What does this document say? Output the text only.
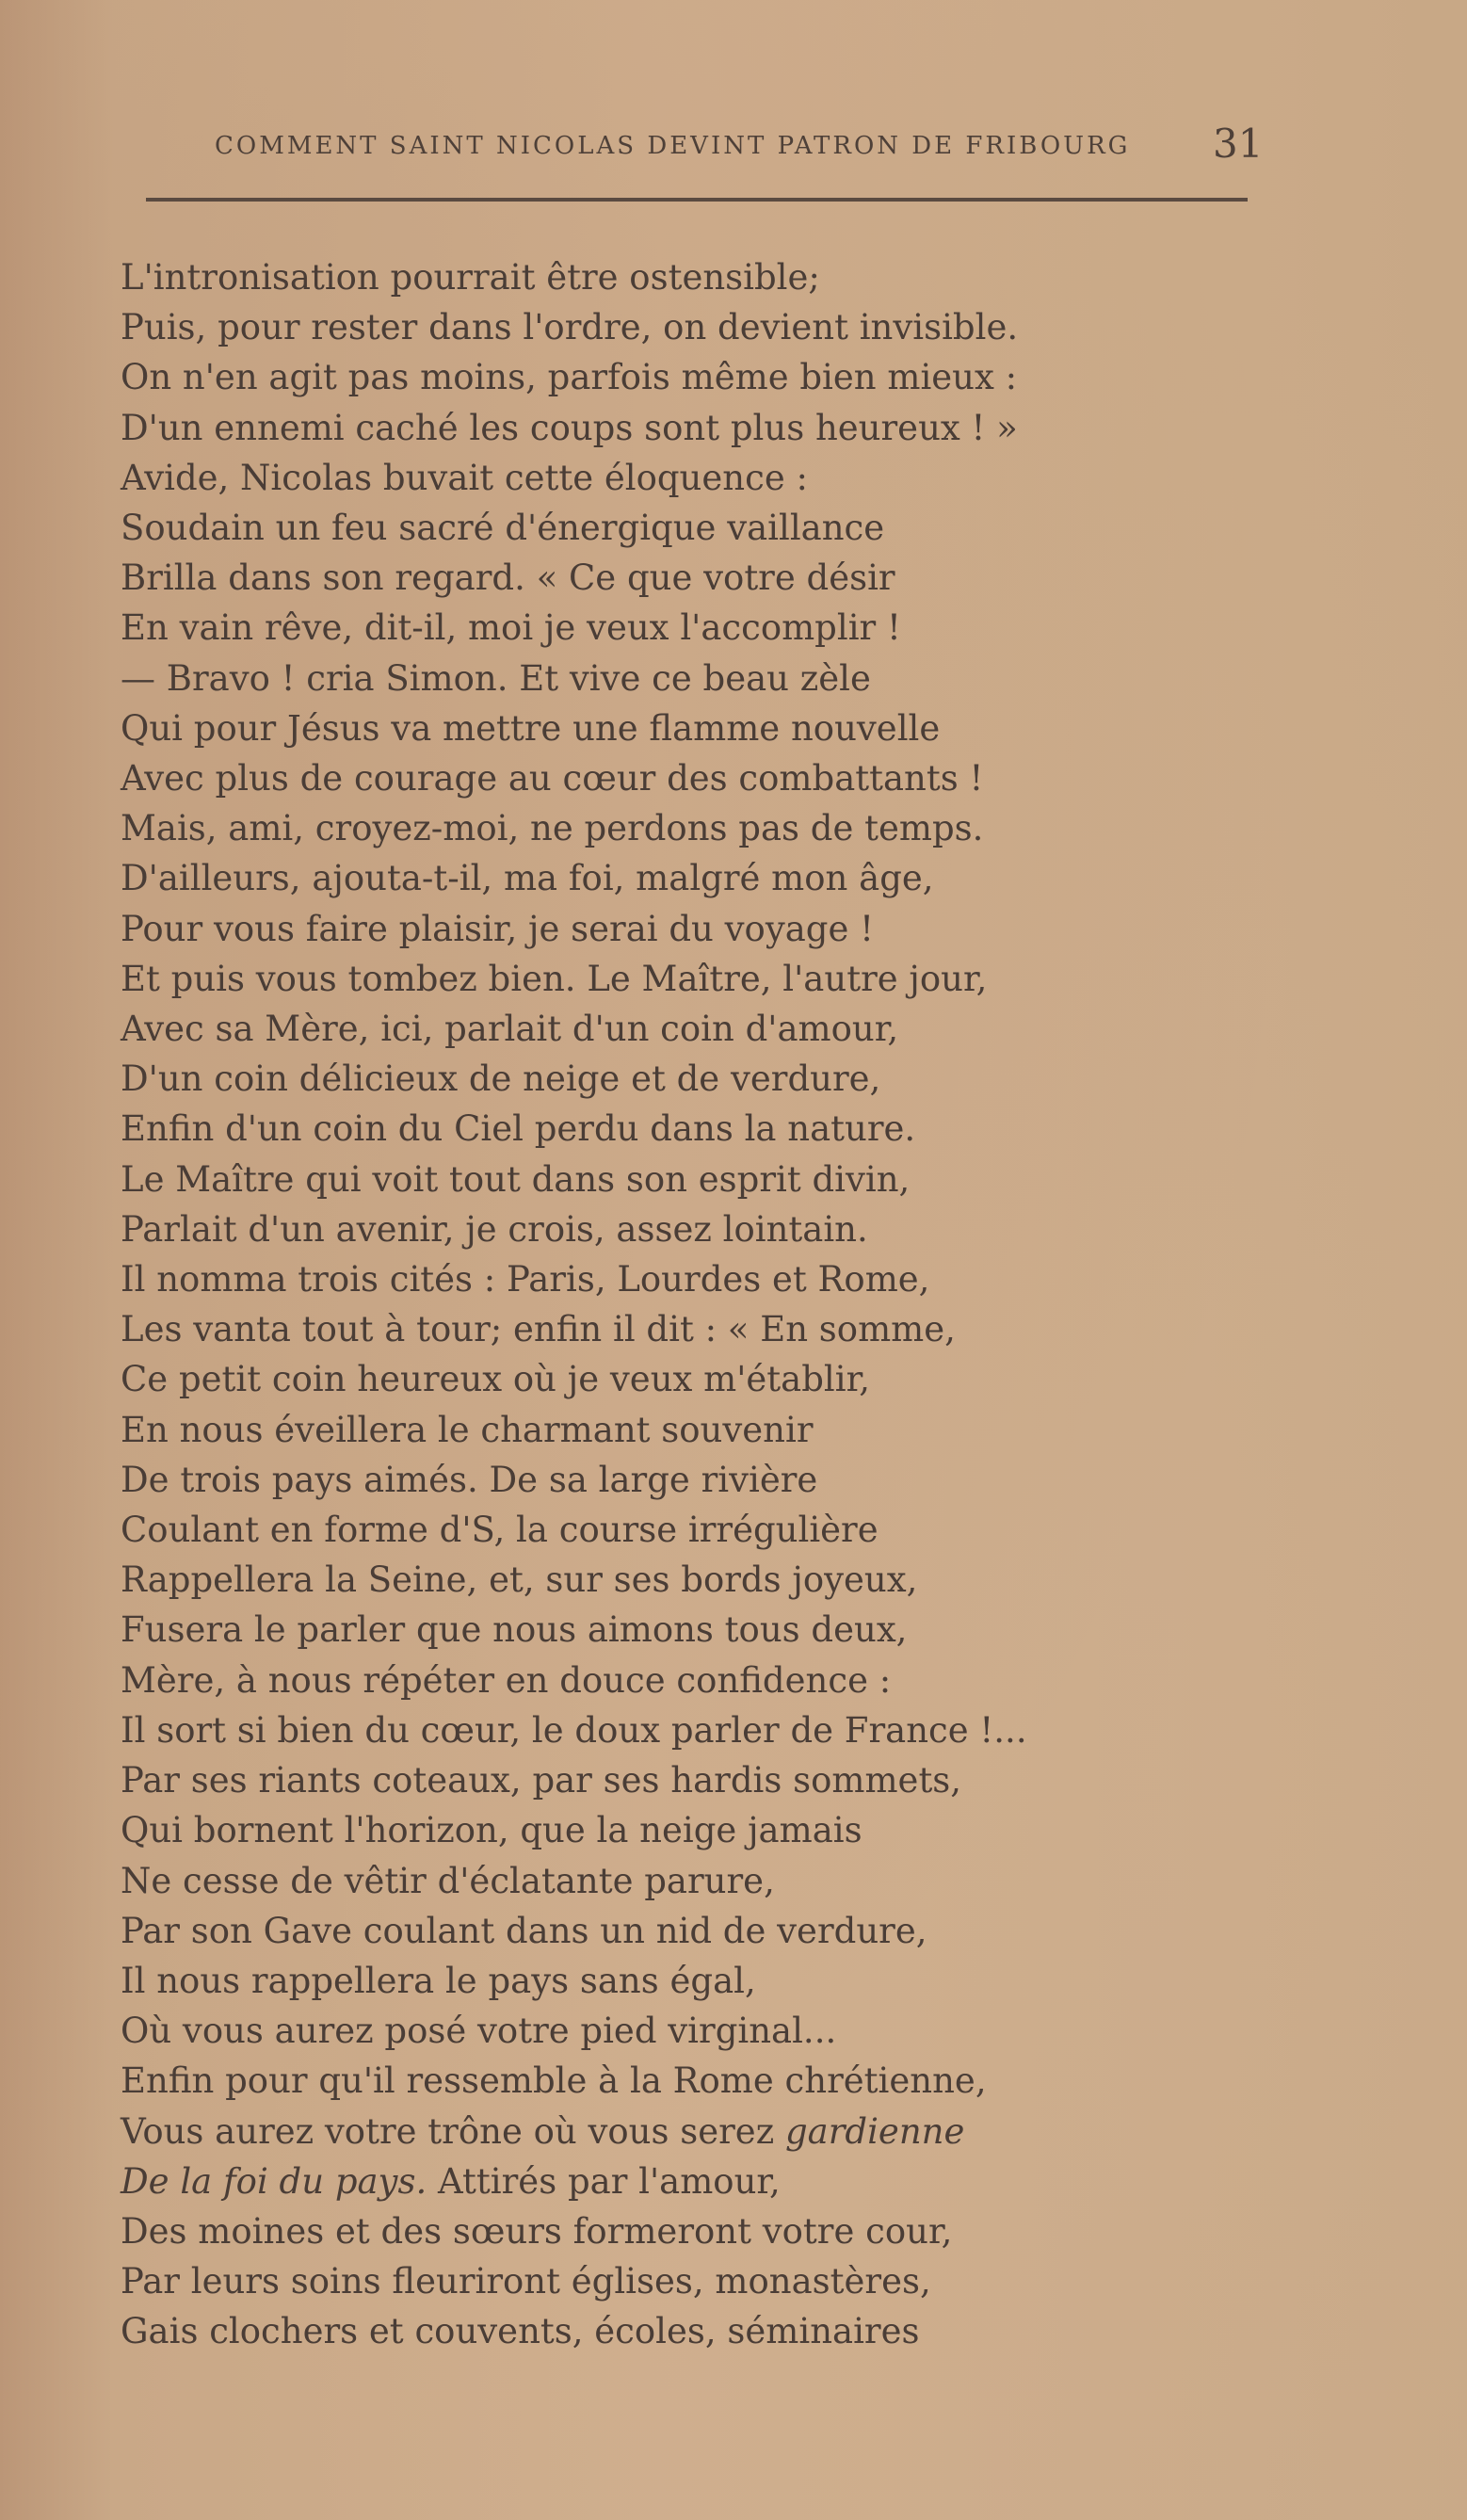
COMMENT SAINT NICOLAS DEVINT PATRON DE FRIBOURG	31
L'intronisation pourrait être ostensible;
Puis, pour rester dans l'ordre, on devient invisible.
On n'en agit pas moins, parfois même bien mieux :
D'un ennemi caché les coups sont plus heureux ! »
Avide, Nicolas buvait cette éloquence :
Soudain un feu sacré d'énergique vaillance
Brilla dans son regard. « Ce que votre désir
En vain rêve, dit-il, moi je veux l'accomplir !
— Bravo ! cria Simon. Et vive ce beau zèle
Qui pour Jésus va mettre une flamme nouvelle
Avec plus de courage au cœur des combattants !
Mais, ami, croyez-moi, ne perdons pas de temps.
D'ailleurs, ajouta-t-il, ma foi, malgré mon âge,
Pour vous faire plaisir, je serai du voyage !
Et puis vous tombez bien. Le Maître, l'autre jour,
Avec sa Mère, ici, parlait d'un coin d'amour,
D'un coin délicieux de neige et de verdure,
Enfin d'un coin du Ciel perdu dans la nature.
Le Maître qui voit tout dans son esprit divin,
Parlait d'un avenir, je crois, assez lointain.
Il nomma trois cités : Paris, Lourdes et Rome,
Les vanta tout à tour; enfin il dit : « En somme,
Ce petit coin heureux où je veux m'établir,
En nous éveillera le charmant souvenir
De trois pays aimés. De sa large rivière
Coulant en forme d'S, la course irrégulière
Rappellera la Seine, et, sur ses bords joyeux,
Fusera le parler que nous aimons tous deux,
Mère, à nous répéter en douce confidence :
Il sort si bien du cœur, le doux parler de France !...
Par ses riants coteaux, par ses hardis sommets,
Qui bornent l'horizon, que la neige jamais
Ne cesse de vêtir d'éclatante parure,
Par son Gave coulant dans un nid de verdure,
Il nous rappellera le pays sans égal,
Où vous aurez posé votre pied virginal...
Enfin pour qu'il ressemble à la Rome chrétienne,
Vous aurez votre trône où vous serez gardienne
De la foi du pays. Attirés par l'amour,
Des moines et des sœurs formeront votre cour,
Par leurs soins fleuriront églises, monastères,
Gais clochers et couvents, écoles, séminaires
